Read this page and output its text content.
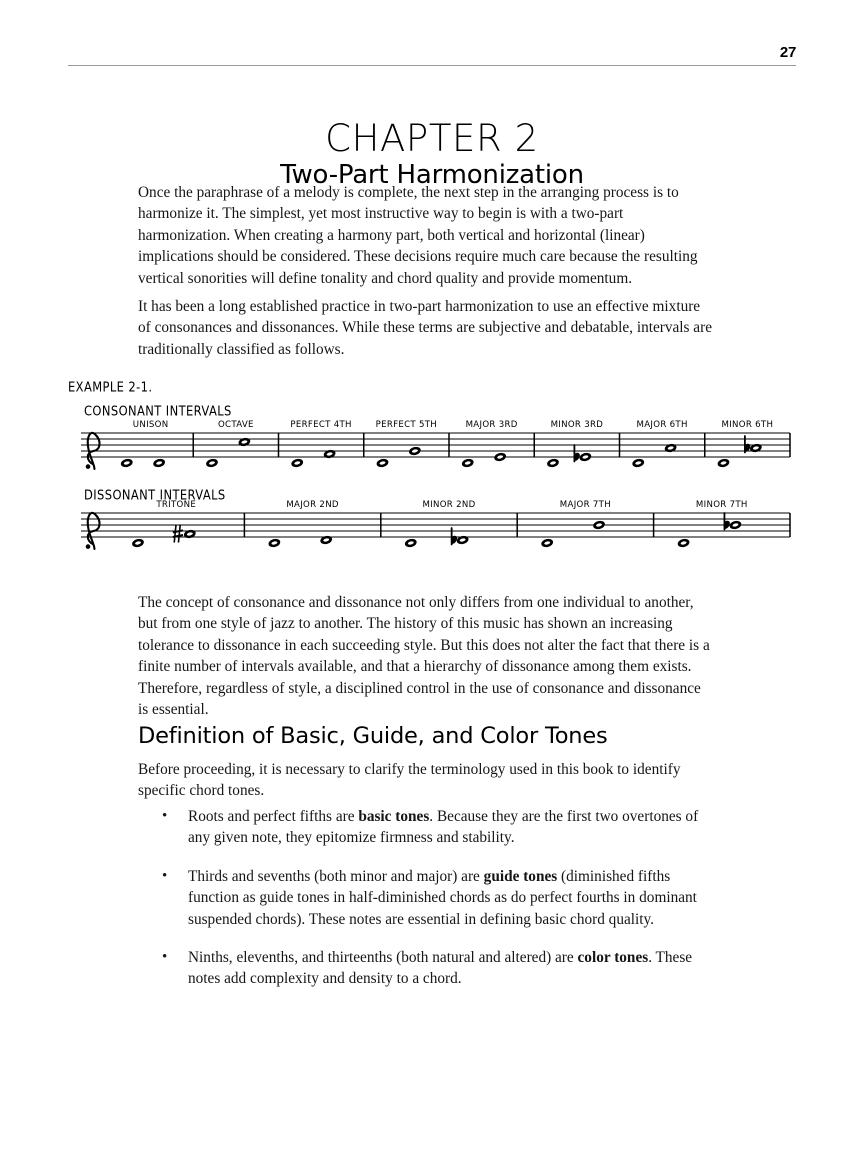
27
CHAPTER 2
Two-Part Harmonization

Once the paraphrase of a melody is complete, the next step in the arranging process is to harmonize it. The simplest, yet most instructive way to begin is with a two-part harmonization. When creating a harmony part, both vertical and horizontal (linear) implications should be considered. These decisions require much care because the resulting vertical sonorities will define tonality and chord quality and provide momentum.

It has been a long established practice in two-part harmonization to use an effective mixture of consonances and dissonances. While these terms are subjective and debatable, intervals are traditionally classified as follows.

EXAMPLE 2-1.
CONSONANT INTERVALS
DISSONANT INTERVALS
UNISON	OCTAVE	PERFECT 4TH	PERFECT 5TH	MAJOR 3RD	MINOR 3RD	MAJOR 6TH	MINOR 6TH
TRITONE	MAJOR 2ND	MINOR 2ND	MAJOR 7TH	MINOR 7TH

The concept of consonance and dissonance not only differs from one individual to another, but from one style of jazz to another. The history of this music has shown an increasing tolerance to dissonance in each succeeding style. But this does not alter the fact that there is a finite number of intervals available, and that a hierarchy of dissonance among them exists. Therefore, regardless of style, a disciplined control in the use of consonance and dissonance is essential.

Definition of Basic, Guide, and Color Tones

Before proceeding, it is necessary to clarify the terminology used in this book to identify specific chord tones.

• Roots and perfect fifths are basic tones. Because they are the first two overtones of any given note, they epitomize firmness and stability.
• Thirds and sevenths (both minor and major) are guide tones (diminished fifths function as guide tones in half-diminished chords as do perfect fourths in dominant suspended chords). These notes are essential in defining basic chord quality.
• Ninths, elevenths, and thirteenths (both natural and altered) are color tones. These notes add complexity and density to a chord.
